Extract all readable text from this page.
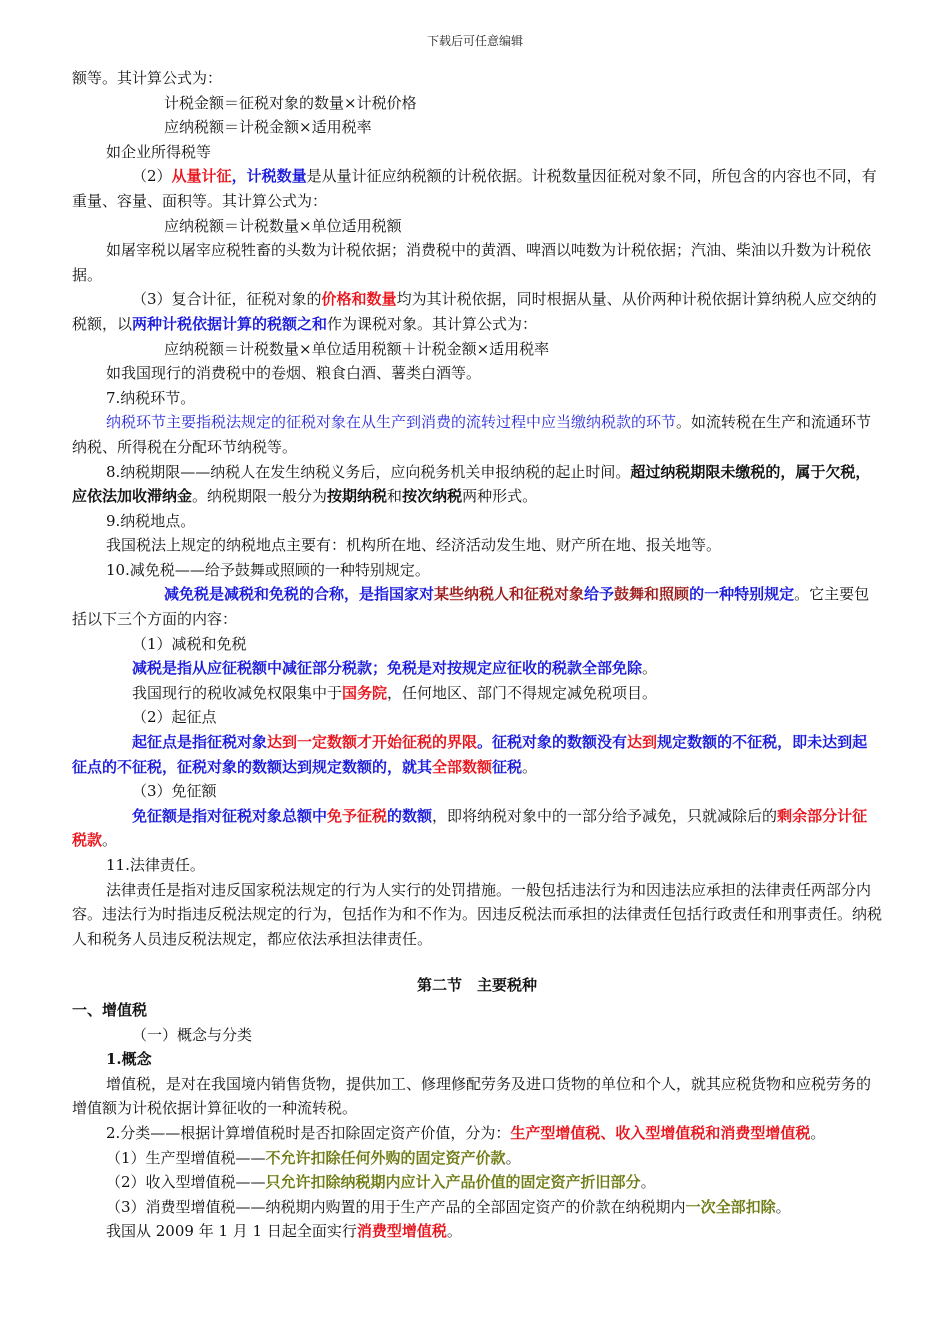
下载后可任意编辑

额等。其计算公式为：

计税金额＝征税对象的数量×计税价格

应纳税额＝计税金额×适用税率

如企业所得税等

（2）从量计征，计税数量是从量计征应纳税额的计税依据。计税数量因征税对象不同，所包含的内容也不同，有重量、容量、面积等。其计算公式为：

应纳税额＝计税数量×单位适用税额

如屠宰税以屠宰应税牲畜的头数为计税依据；消费税中的黄酒、啤酒以吨数为计税依据；汽油、柴油以升数为计税依据。

（3）复合计征，征税对象的价格和数量均为其计税依据，同时根据从量、从价两种计税依据计算纳税人应交纳的税额，以两种计税依据计算的税额之和作为课税对象。其计算公式为：

应纳税额＝计税数量×单位适用税额＋计税金额×适用税率

如我国现行的消费税中的卷烟、粮食白酒、薯类白酒等。

7.纳税环节。

纳税环节主要指税法规定的征税对象在从生产到消费的流转过程中应当缴纳税款的环节。如流转税在生产和流通环节纳税、所得税在分配环节纳税等。

8.纳税期限——纳税人在发生纳税义务后，应向税务机关申报纳税的起止时间。超过纳税期限未缴税的，属于欠税，应依法加收滞纳金。纳税期限一般分为按期纳税和按次纳税两种形式。

9.纳税地点。

我国税法上规定的纳税地点主要有：机构所在地、经济活动发生地、财产所在地、报关地等。

10.减免税——给予鼓舞或照顾的一种特别规定。

减免税是减税和免税的合称，是指国家对某些纳税人和征税对象给予鼓舞和照顾的一种特别规定。它主要包括以下三个方面的内容：

（1）减税和免税

减税是指从应征税额中减征部分税款；免税是对按规定应征收的税款全部免除。

我国现行的税收减免权限集中于国务院，任何地区、部门不得规定减免税项目。

（2）起征点

起征点是指征税对象达到一定数额才开始征税的界限。征税对象的数额没有达到规定数额的不征税，即未达到起征点的不征税，征税对象的数额达到规定数额的，就其全部数额征税。

（3）免征额

免征额是指对征税对象总额中免予征税的数额，即将纳税对象中的一部分给予减免，只就减除后的剩余部分计征税款。

11.法律责任。

法律责任是指对违反国家税法规定的行为人实行的处罚措施。一般包括违法行为和因违法应承担的法律责任两部分内容。违法行为时指违反税法规定的行为，包括作为和不作为。因违反税法而承担的法律责任包括行政责任和刑事责任。纳税人和税务人员违反税法规定，都应依法承担法律责任。

第二节　主要税种

一、增值税

（一）概念与分类

1.概念

增值税，是对在我国境内销售货物，提供加工、修理修配劳务及进口货物的单位和个人，就其应税货物和应税劳务的增值额为计税依据计算征收的一种流转税。

2.分类——根据计算增值税时是否扣除固定资产价值，分为：生产型增值税、收入型增值税和消费型增值税。

（1）生产型增值税——不允许扣除任何外购的固定资产价款。

（2）收入型增值税——只允许扣除纳税期内应计入产品价值的固定资产折旧部分。

（3）消费型增值税——纳税期内购置的用于生产产品的全部固定资产的价款在纳税期内一次全部扣除。

我国从 2009 年 1 月 1 日起全面实行消费型增值税。
